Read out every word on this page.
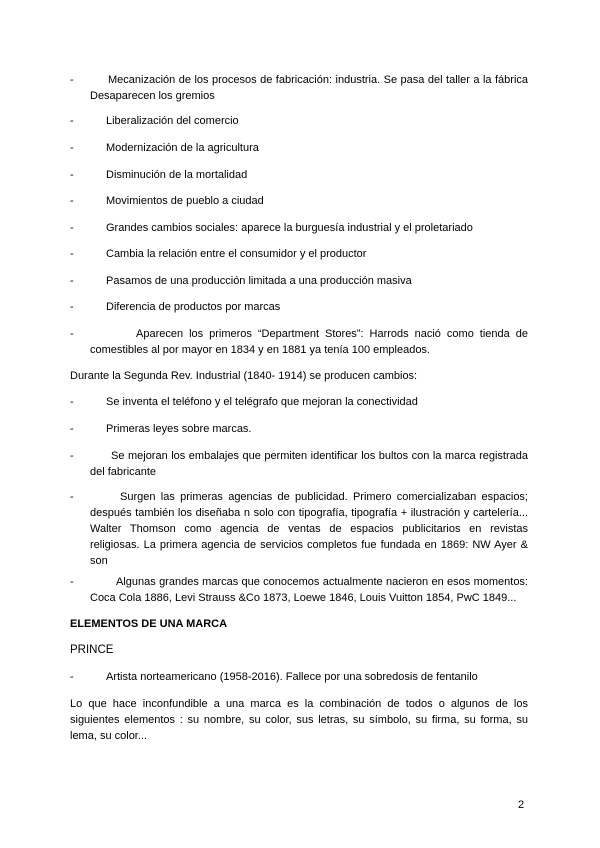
-	Mecanización de los procesos de fabricación: industria. Se pasa del taller a la fábrica
Desaparecen los gremios
-	Liberalización del comercio
-	Modernización de la agricultura
-	Disminución de la mortalidad
-	Movimientos de pueblo a ciudad
-	Grandes cambios sociales: aparece la burguesía industrial y el proletariado
-	Cambia la relación entre el consumidor y el productor
-	Pasamos de una producción limitada a una producción masiva
-	Diferencia de productos por marcas
-	Aparecen los primeros “Department Stores”: Harrods nació como tienda de
comestibles al por mayor en 1834 y en 1881 ya tenía 100 empleados.
Durante la Segunda Rev. Industrial (1840- 1914) se producen cambios:
-	Se inventa el teléfono y el telégrafo que mejoran la conectividad
-	Primeras leyes sobre marcas.
-	Se mejoran los embalajes que permiten identificar los bultos con la marca registrada
del fabricante
-	Surgen las primeras agencias de publicidad. Primero comercializaban espacios;
después también los diseñaba n solo con tipografía, tipografía + ilustración y cartelería...
Walter Thomson como agencia de ventas de espacios publicitarios en revistas
religiosas. La primera agencia de servicios completos fue fundada en 1869: NW Ayer &
son
-	Algunas grandes marcas que conocemos actualmente nacieron en esos momentos:
Coca Cola 1886, Levi Strauss &Co 1873, Loewe 1846, Louis Vuitton 1854, PwC 1849...
ELEMENTOS DE UNA MARCA
PRINCE
-	Artista norteamericano (1958-2016). Fallece por una sobredosis de fentanilo
Lo que hace inconfundible a una marca es la combinación de todos o algunos de los
siguientes elementos : su nombre, su color, sus letras, su símbolo, su firma, su forma, su
lema, su color...
2
